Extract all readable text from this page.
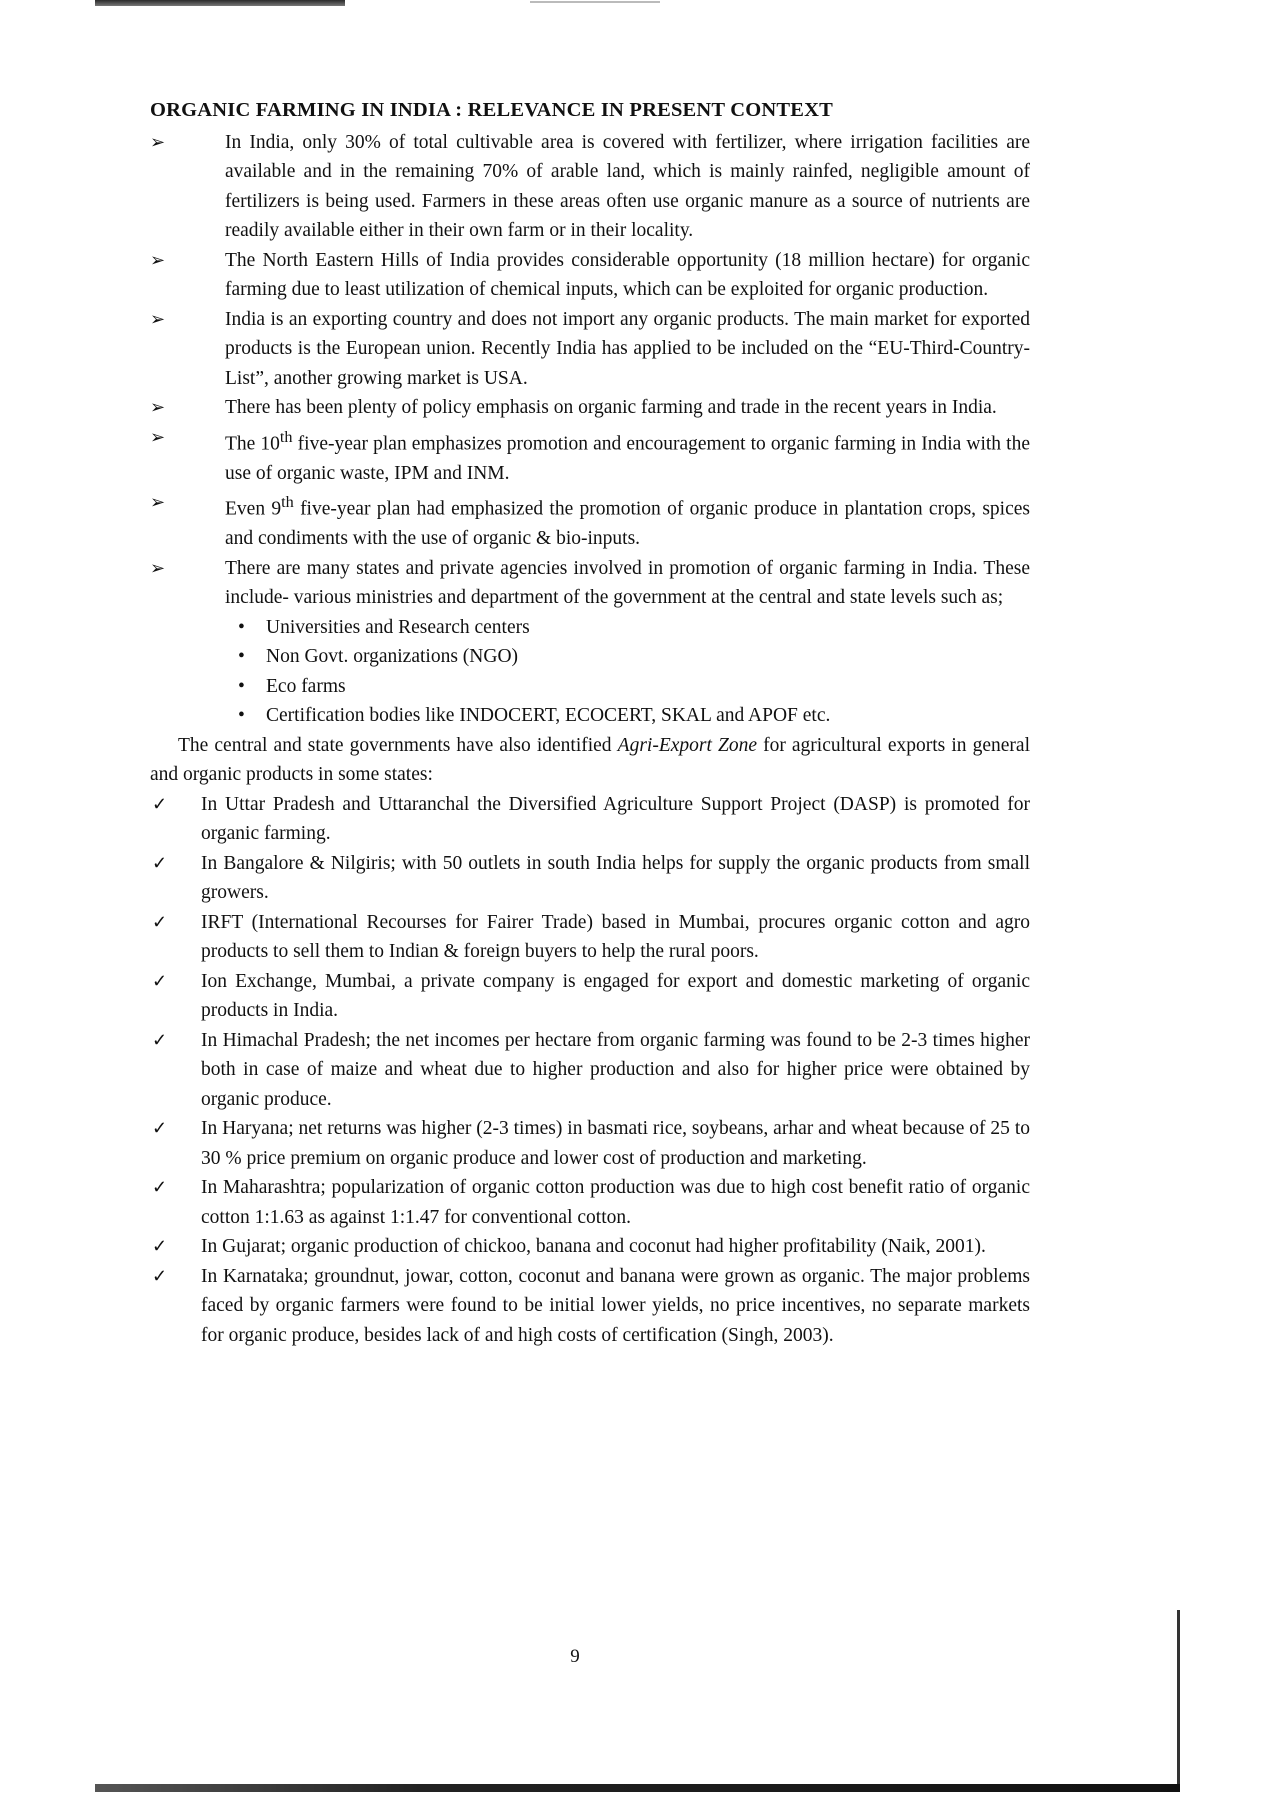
ORGANIC FARMING IN INDIA : RELEVANCE IN PRESENT CONTEXT
➢	In India, only 30% of total cultivable area is covered with fertilizer, where irrigation facilities are available and in the remaining 70% of arable land, which is mainly rainfed, negligible amount of fertilizers is being used. Farmers in these areas often use organic manure as a source of nutrients are readily available either in their own farm or in their locality.
➢	The North Eastern Hills of India provides considerable opportunity (18 million hectare) for organic farming due to least utilization of chemical inputs, which can be exploited for organic production.
➢	India is an exporting country and does not import any organic products. The main market for exported products is the European union. Recently India has applied to be included on the “EU-Third-Country-List”, another growing market is USA.
➢	There has been plenty of policy emphasis on organic farming and trade in the recent years in India.
➢	The 10th five-year plan emphasizes promotion and encouragement to organic farming in India with the use of organic waste, IPM and INM.
➢	Even 9th five-year plan had emphasized the promotion of organic produce in plantation crops, spices and condiments with the use of organic & bio-inputs.
➢	There are many states and private agencies involved in promotion of organic farming in India. These include- various ministries and department of the government at the central and state levels such as;
• Universities and Research centers
• Non Govt. organizations (NGO)
• Eco farms
• Certification bodies like INDOCERT, ECOCERT, SKAL and APOF etc.

The central and state governments have also identified Agri-Export Zone for agricultural exports in general and organic products in some states:

✓ In Uttar Pradesh and Uttaranchal the Diversified Agriculture Support Project (DASP) is promoted for organic farming.
✓ In Bangalore & Nilgiris; with 50 outlets in south India helps for supply the organic products from small growers.
✓ IRFT (International Recourses for Fairer Trade) based in Mumbai, procures organic cotton and agro products to sell them to Indian & foreign buyers to help the rural poors.
✓ Ion Exchange, Mumbai, a private company is engaged for export and domestic marketing of organic products in India.
✓ In Himachal Pradesh; the net incomes per hectare from organic farming was found to be 2-3 times higher both in case of maize and wheat due to higher production and also for higher price were obtained by organic produce.
✓ In Haryana; net returns was higher (2-3 times) in basmati rice, soybeans, arhar and wheat because of 25 to 30 % price premium on organic produce and lower cost of production and marketing.
✓ In Maharashtra; popularization of organic cotton production was due to high cost benefit ratio of organic cotton 1:1.63 as against 1:1.47 for conventional cotton.
✓ In Gujarat; organic production of chickoo, banana and coconut had higher profitability (Naik, 2001).
✓ In Karnataka; groundnut, jowar, cotton, coconut and banana were grown as organic. The major problems faced by organic farmers were found to be initial lower yields, no price incentives, no separate markets for organic produce, besides lack of and high costs of certification (Singh, 2003).
9
